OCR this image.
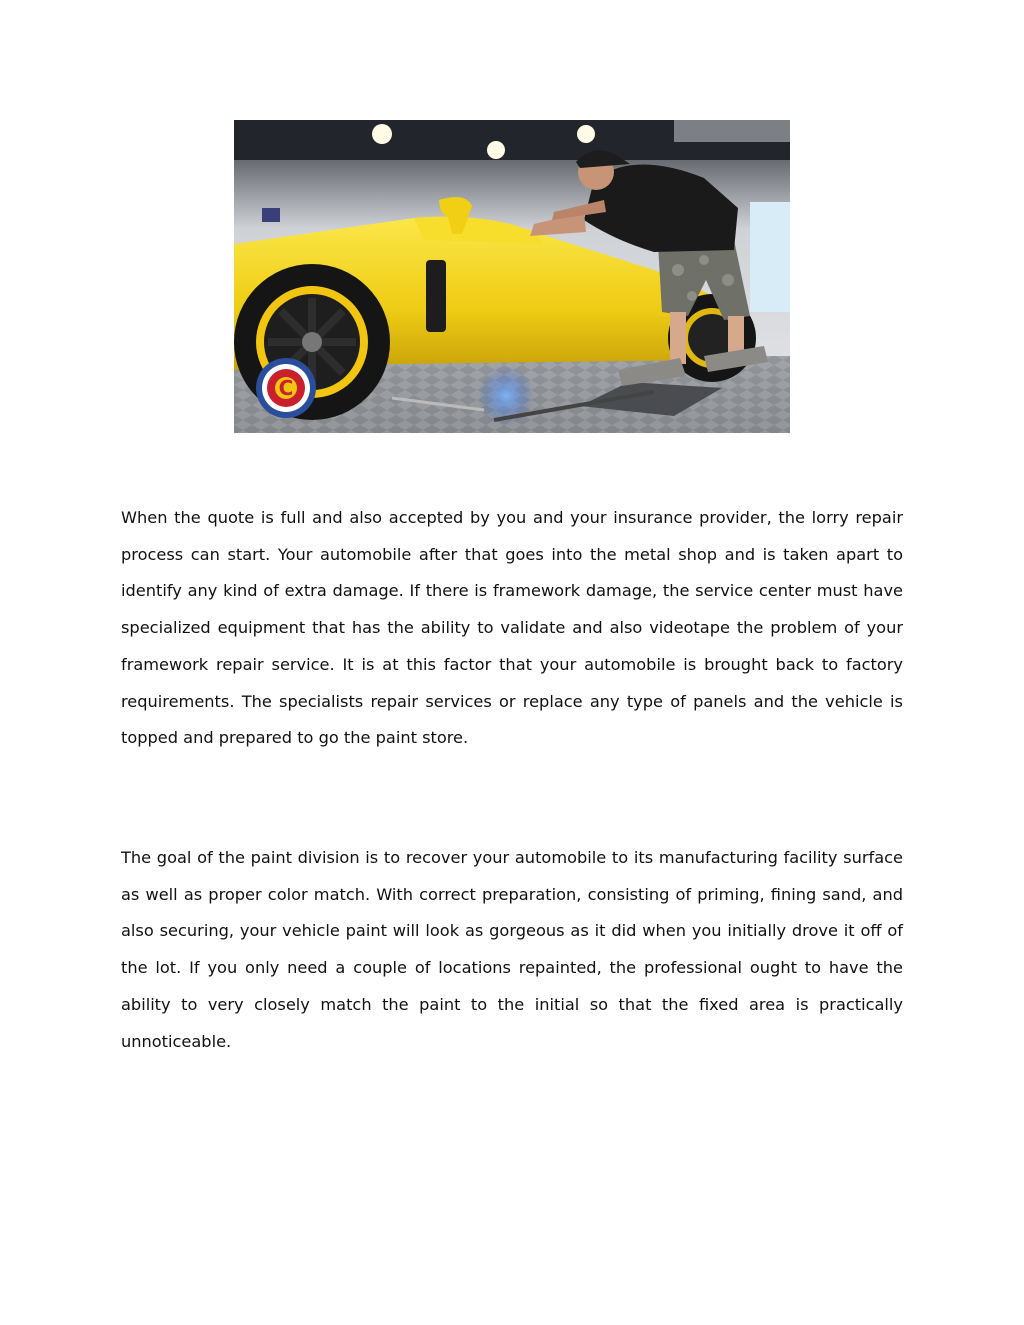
C

When the quote is full and also accepted by you and your insurance provider, the lorry repair process can start. Your automobile after that goes into the metal shop and is taken apart to identify any kind of extra damage. If there is framework damage, the service center must have specialized equipment that has the ability to validate and also videotape the problem of your framework repair service. It is at this factor that your automobile is brought back to factory requirements. The specialists repair services or replace any type of panels and the vehicle is topped and prepared to go the paint store.

The goal of the paint division is to recover your automobile to its manufacturing facility surface as well as proper color match. With correct preparation, consisting of priming, fining sand, and also securing, your vehicle paint will look as gorgeous as it did when you initially drove it off of the lot. If you only need a couple of locations repainted, the professional ought to have the ability to very closely match the paint to the initial so that the fixed area is practically unnoticeable.
